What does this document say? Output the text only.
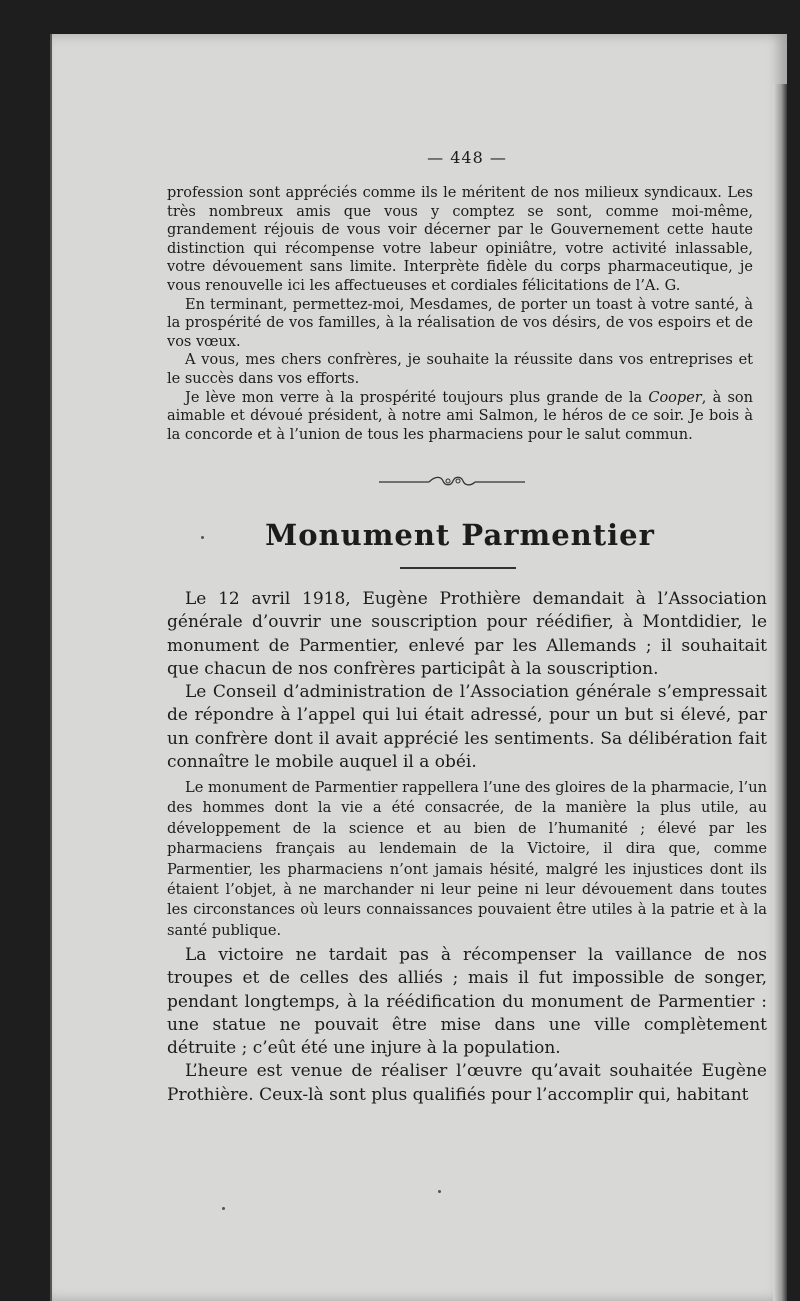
— 448 —

profession sont appréciés comme ils le méritent de nos milieux syndicaux. Les très nombreux amis que vous y comptez se sont, comme moi-même, grandement réjouis de vous voir décerner par le Gouvernement cette haute distinction qui récompense votre labeur opiniâtre, votre activité inlassable, votre dévouement sans limite. Interprète fidèle du corps pharmaceutique, je vous renouvelle ici les affectueuses et cordiales félicitations de l’A. G.

En terminant, permettez-moi, Mesdames, de porter un toast à votre santé, à la prospérité de vos familles, à la réalisation de vos désirs, de vos espoirs et de vos vœux.

A vous, mes chers confrères, je souhaite la réussite dans vos entreprises et le succès dans vos efforts.

Je lève mon verre à la prospérité toujours plus grande de la Cooper, à son aimable et dévoué président, à notre ami Salmon, le héros de ce soir. Je bois à la concorde et à l’union de tous les pharmaciens pour le salut commun.

Monument Parmentier

Le 12 avril 1918, Eugène Prothière demandait à l’Association générale d’ouvrir une souscription pour réédifier, à Montdidier, le monument de Parmentier, enlevé par les Allemands ; il souhaitait que chacun de nos confrères participât à la souscription.

Le Conseil d’administration de l’Association générale s’empressait de répondre à l’appel qui lui était adressé, pour un but si élevé, par un confrère dont il avait apprécié les sentiments. Sa délibération fait connaître le mobile auquel il a obéi.

Le monument de Parmentier rappellera l’une des gloires de la pharmacie, l’un des hommes dont la vie a été consacrée, de la manière la plus utile, au développement de la science et au bien de l’humanité ; élevé par les pharmaciens français au lendemain de la Victoire, il dira que, comme Parmentier, les pharmaciens n’ont jamais hésité, malgré les injustices dont ils étaient l’objet, à ne marchander ni leur peine ni leur dévouement dans toutes les circonstances où leurs connaissances pouvaient être utiles à la patrie et à la santé publique.

La victoire ne tardait pas à récompenser la vaillance de nos troupes et de celles des alliés ; mais il fut impossible de songer, pendant longtemps, à la réédification du monument de Parmentier : une statue ne pouvait être mise dans une ville complètement détruite ; c’eût été une injure à la population.

L’heure est venue de réaliser l’œuvre qu’avait souhaitée Eugène Prothière. Ceux-là sont plus qualifiés pour l’accomplir qui, habitant
